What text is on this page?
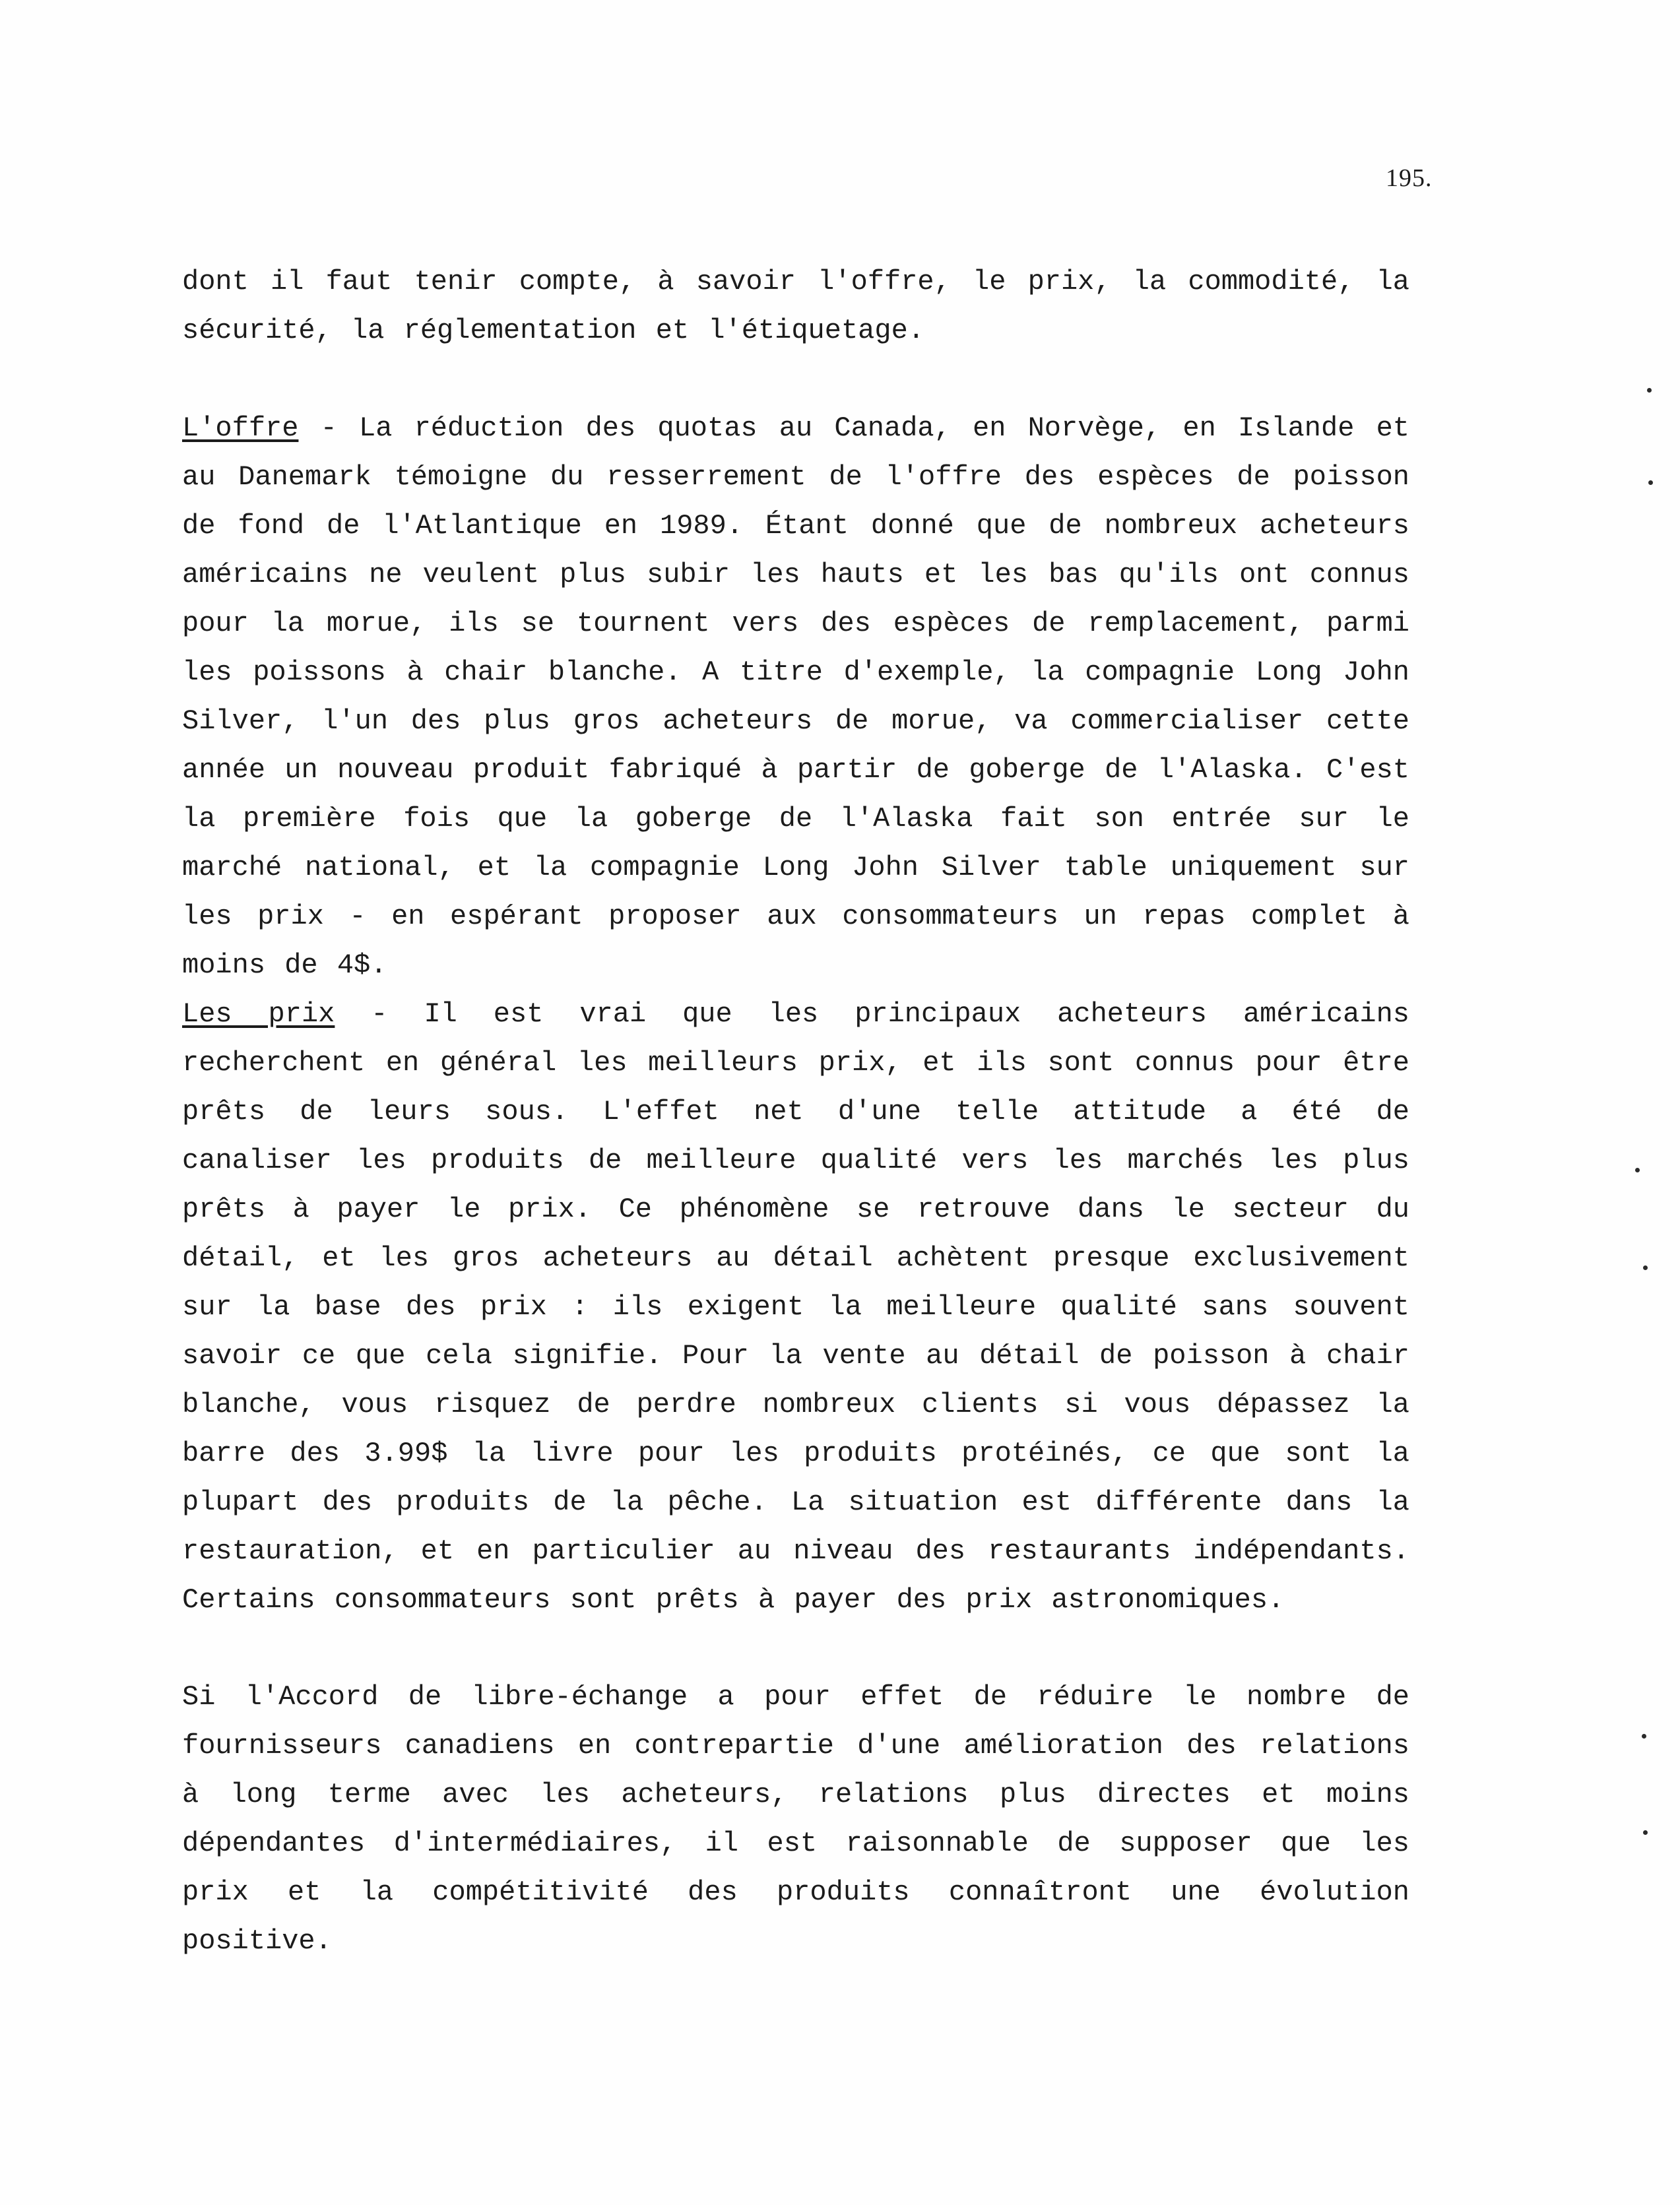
195.

dont il faut tenir compte, à savoir l'offre, le prix, la commodité, la sécurité, la réglementation et l'étiquetage.

L'offre - La réduction des quotas au Canada, en Norvège, en Islande et au Danemark témoigne du resserrement de l'offre des espèces de poisson de fond de l'Atlantique en 1989. Étant donné que de nombreux acheteurs américains ne veulent plus subir les hauts et les bas qu'ils ont connus pour la morue, ils se tournent vers des espèces de remplacement, parmi les poissons à chair blanche. A titre d'exemple, la compagnie Long John Silver, l'un des plus gros acheteurs de morue, va commercialiser cette année un nouveau produit fabriqué à partir de goberge de l'Alaska. C'est la première fois que la goberge de l'Alaska fait son entrée sur le marché national, et la compagnie Long John Silver table uniquement sur les prix - en espérant proposer aux consommateurs un repas complet à moins de 4$.

Les prix - Il est vrai que les principaux acheteurs américains recherchent en général les meilleurs prix, et ils sont connus pour être prêts de leurs sous. L'effet net d'une telle attitude a été de canaliser les produits de meilleure qualité vers les marchés les plus prêts à payer le prix. Ce phénomène se retrouve dans le secteur du détail, et les gros acheteurs au détail achètent presque exclusivement sur la base des prix : ils exigent la meilleure qualité sans souvent savoir ce que cela signifie. Pour la vente au détail de poisson à chair blanche, vous risquez de perdre nombreux clients si vous dépassez la barre des 3.99$ la livre pour les produits protéinés, ce que sont la plupart des produits de la pêche. La situation est différente dans la restauration, et en particulier au niveau des restaurants indépendants. Certains consommateurs sont prêts à payer des prix astronomiques.

Si l'Accord de libre-échange a pour effet de réduire le nombre de fournisseurs canadiens en contrepartie d'une amélioration des relations à long terme avec les acheteurs, relations plus directes et moins dépendantes d'intermédiaires, il est raisonnable de supposer que les prix et la compétitivité des produits connaîtront une évolution positive.
